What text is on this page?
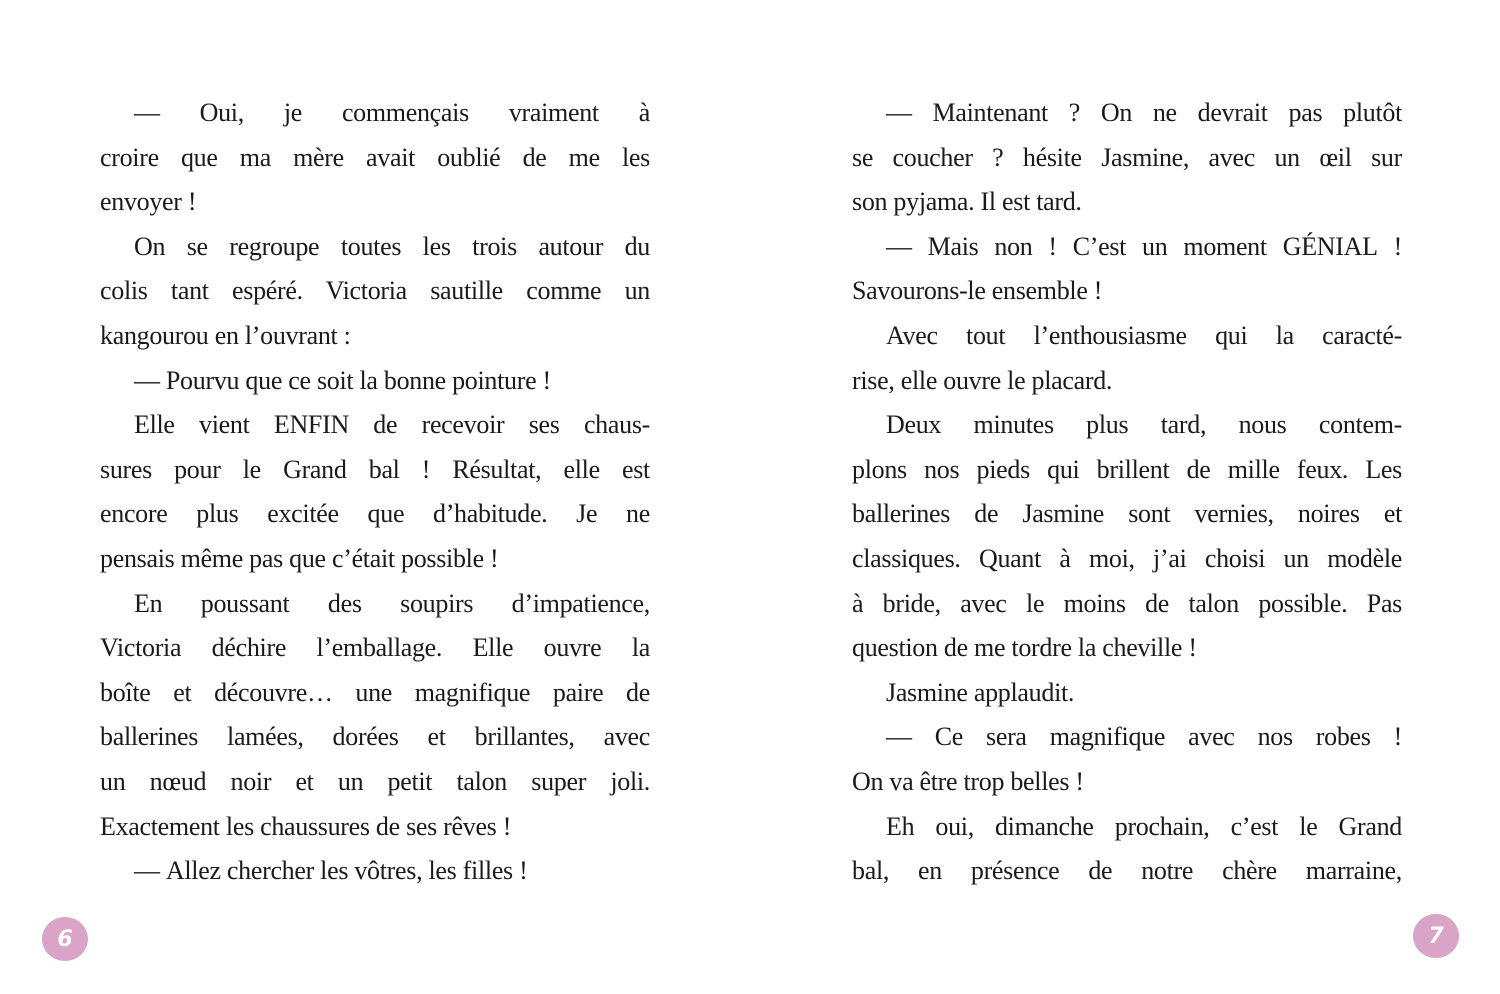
— Oui, je commençais vraiment à
croire que ma mère avait oublié de me les
envoyer !
On se regroupe toutes les trois autour du
colis tant espéré. Victoria sautille comme un
kangourou en l’ouvrant :
— Pourvu que ce soit la bonne pointure !
Elle vient ENFIN de recevoir ses chaus-
sures pour le Grand bal ! Résultat, elle est
encore plus excitée que d’habitude. Je ne
pensais même pas que c’était possible !
En poussant des soupirs d’impatience,
Victoria déchire l’emballage. Elle ouvre la
boîte et découvre… une magnifique paire de
ballerines lamées, dorées et brillantes, avec
un nœud noir et un petit talon super joli.
Exactement les chaussures de ses rêves !
— Allez chercher les vôtres, les filles !
— Maintenant ? On ne devrait pas plutôt
se coucher ? hésite Jasmine, avec un œil sur
son pyjama. Il est tard.
— Mais non ! C’est un moment GÉNIAL !
Savourons-le ensemble !
Avec tout l’enthousiasme qui la caracté-
rise, elle ouvre le placard.
Deux minutes plus tard, nous contem-
plons nos pieds qui brillent de mille feux. Les
ballerines de Jasmine sont vernies, noires et
classiques. Quant à moi, j’ai choisi un modèle
à bride, avec le moins de talon possible. Pas
question de me tordre la cheville !
Jasmine applaudit.
— Ce sera magnifique avec nos robes !
On va être trop belles !
Eh oui, dimanche prochain, c’est le Grand
bal, en présence de notre chère marraine,
6	7
